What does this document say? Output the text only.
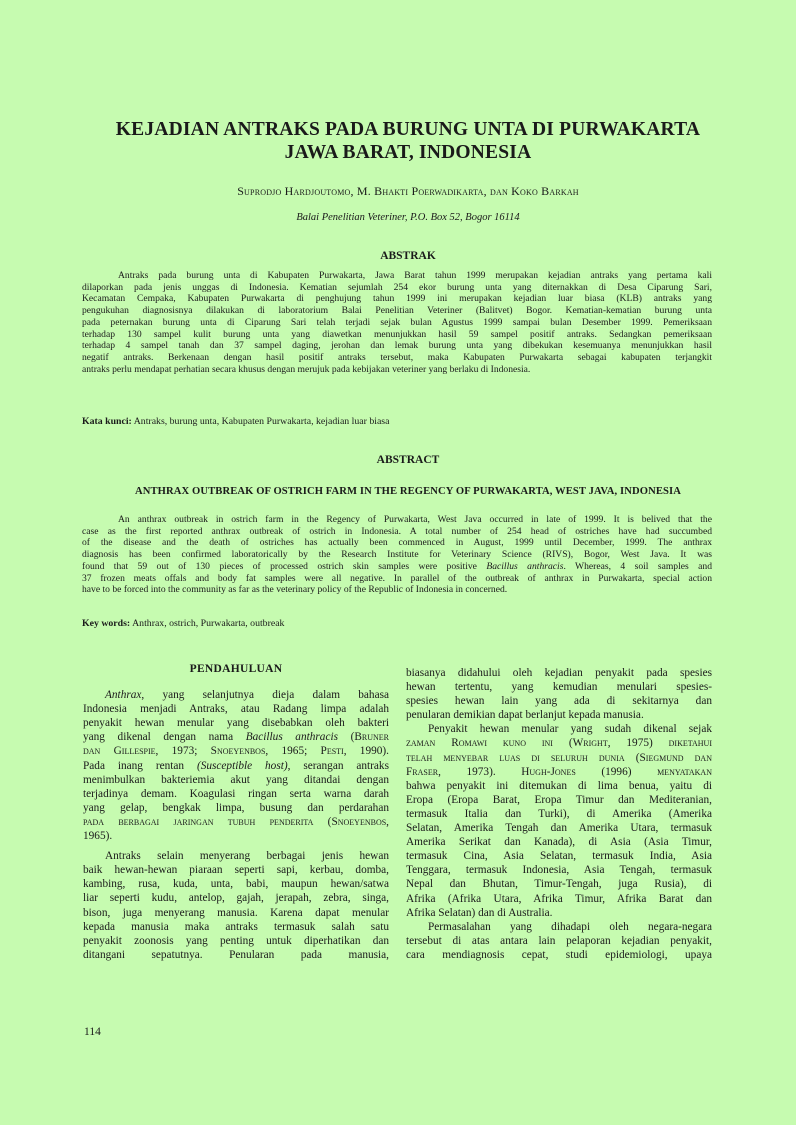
KEJADIAN ANTRAKS PADA BURUNG UNTA DI PURWAKARTA
JAWA BARAT, INDONESIA
Suprodjo Hardjoutomo, M. Bhakti Poerwadikarta, dan Koko Barkah
Balai Penelitian Veteriner, P.O. Box 52, Bogor 16114
ABSTRAK
Antraks pada burung unta di Kabupaten Purwakarta, Jawa Barat tahun 1999 merupakan kejadian antraks yang pertama kali
dilaporkan pada jenis unggas di Indonesia. Kematian sejumlah 254 ekor burung unta yang diternakkan di Desa Ciparung Sari,
Kecamatan Cempaka, Kabupaten Purwakarta di penghujung tahun 1999 ini merupakan kejadian luar biasa (KLB) antraks yang
pengukuhan diagnosisnya dilakukan di laboratorium Balai Penelitian Veteriner (Balitvet) Bogor. Kematian-kematian burung unta
pada peternakan burung unta di Ciparung Sari telah terjadi sejak bulan Agustus 1999 sampai bulan Desember 1999. Pemeriksaan
terhadap 130 sampel kulit burung unta yang diawetkan menunjukkan hasil 59 sampel positif antraks. Sedangkan pemeriksaan
terhadap 4 sampel tanah dan 37 sampel daging, jerohan dan lemak burung unta yang dibekukan kesemuanya menunjukkan hasil
negatif antraks. Berkenaan dengan hasil positif antraks tersebut, maka Kabupaten Purwakarta sebagai kabupaten terjangkit
antraks perlu mendapat perhatian secara khusus dengan merujuk pada kebijakan veteriner yang berlaku di Indonesia.
Kata kunci: Antraks, burung unta, Kabupaten Purwakarta, kejadian luar biasa
ABSTRACT
ANTHRAX OUTBREAK OF OSTRICH FARM IN THE REGENCY OF PURWAKARTA, WEST JAVA, INDONESIA
An anthrax outbreak in ostrich farm in the Regency of Purwakarta, West Java occurred in late of 1999. It is belived that the
case as the first reported anthrax outbreak of ostrich in Indonesia. A total number of 254 head of ostriches have had succumbed
of the disease and the death of ostriches has actually been commenced in August, 1999 until December, 1999. The anthrax
diagnosis has been confirmed laboratorically by the Research Institute for Veterinary Science (RIVS), Bogor, West Java. It was
found that 59 out of 130 pieces of processed ostrich skin samples were positive Bacillus anthracis. Whereas, 4 soil samples and
37 frozen meats offals and body fat samples were all negative. In parallel of the outbreak of anthrax in Purwakarta, special action
have to be forced into the community as far as the veterinary policy of the Republic of Indonesia in concerned.
Key words: Anthrax, ostrich, Purwakarta, outbreak
PENDAHULUAN
Anthrax, yang selanjutnya dieja dalam bahasa
Indonesia menjadi Antraks, atau Radang limpa adalah
penyakit hewan menular yang disebabkan oleh bakteri
yang dikenal dengan nama Bacillus anthracis (Bruner
dan Gillespie, 1973; Snoeyenbos, 1965; Pesti, 1990).
Pada inang rentan (Susceptible host), serangan antraks
menimbulkan bakteriemia akut yang ditandai dengan
terjadinya demam. Koagulasi ringan serta warna darah
yang gelap, bengkak limpa, busung dan perdarahan
pada berbagai jaringan tubuh penderita (Snoeyenbos,
1965).
Antraks selain menyerang berbagai jenis hewan
baik hewan-hewan piaraan seperti sapi, kerbau, domba,
kambing, rusa, kuda, unta, babi, maupun hewan/satwa
liar seperti kudu, antelop, gajah, jerapah, zebra, singa,
bison, juga menyerang manusia. Karena dapat menular
kepada manusia maka antraks termasuk salah satu
penyakit zoonosis yang penting untuk diperhatikan dan
ditangani sepatutnya. Penularan pada manusia,
biasanya didahului oleh kejadian penyakit pada spesies
hewan tertentu, yang kemudian menulari spesies-
spesies hewan lain yang ada di sekitarnya dan
penularan demikian dapat berlanjut kepada manusia.
Penyakit hewan menular yang sudah dikenal sejak
zaman Romawi kuno ini (Wright, 1975) diketahui
telah menyebar luas di seluruh dunia (Siegmund dan
Fraser, 1973). Hugh-Jones (1996) menyatakan
bahwa penyakit ini ditemukan di lima benua, yaitu di
Eropa (Eropa Barat, Eropa Timur dan Mediteranian,
termasuk Italia dan Turki), di Amerika (Amerika
Selatan, Amerika Tengah dan Amerika Utara, termasuk
Amerika Serikat dan Kanada), di Asia (Asia Timur,
termasuk Cina, Asia Selatan, termasuk India, Asia
Tenggara, termasuk Indonesia, Asia Tengah, termasuk
Nepal dan Bhutan, Timur-Tengah, juga Rusia), di
Afrika (Afrika Utara, Afrika Timur, Afrika Barat dan
Afrika Selatan) dan di Australia.
Permasalahan yang dihadapi oleh negara-negara
tersebut di atas antara lain pelaporan kejadian penyakit,
cara mendiagnosis cepat, studi epidemiologi, upaya
114
